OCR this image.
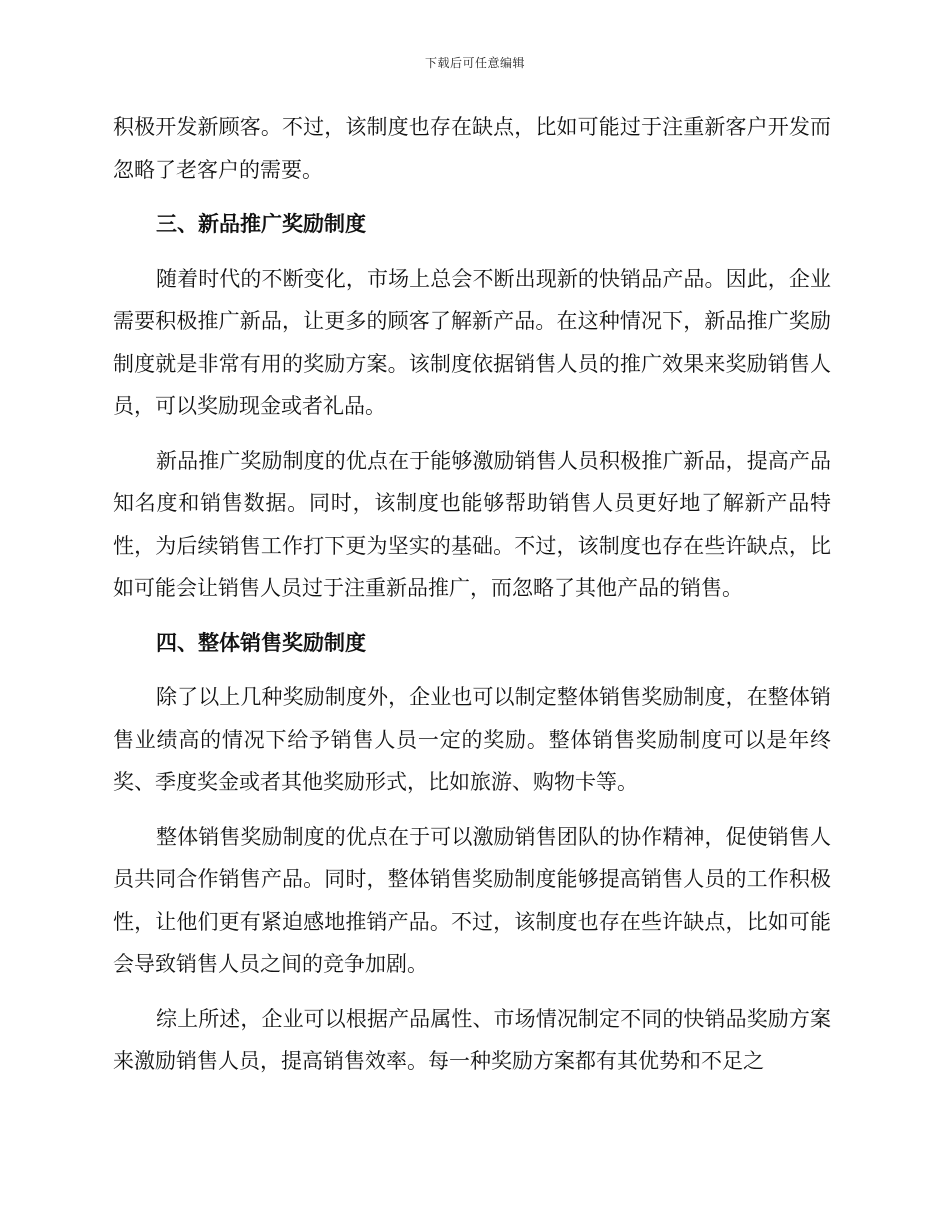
下载后可任意编辑

积极开发新顾客。不过，该制度也存在缺点，比如可能过于注重新客户开发而忽略了老客户的需要。

三、新品推广奖励制度

随着时代的不断变化，市场上总会不断出现新的快销品产品。因此，企业需要积极推广新品，让更多的顾客了解新产品。在这种情况下，新品推广奖励制度就是非常有用的奖励方案。该制度依据销售人员的推广效果来奖励销售人员，可以奖励现金或者礼品。

新品推广奖励制度的优点在于能够激励销售人员积极推广新品，提高产品知名度和销售数据。同时，该制度也能够帮助销售人员更好地了解新产品特性，为后续销售工作打下更为坚实的基础。不过，该制度也存在些许缺点，比如可能会让销售人员过于注重新品推广，而忽略了其他产品的销售。

四、整体销售奖励制度

除了以上几种奖励制度外，企业也可以制定整体销售奖励制度，在整体销售业绩高的情况下给予销售人员一定的奖励。整体销售奖励制度可以是年终奖、季度奖金或者其他奖励形式，比如旅游、购物卡等。

整体销售奖励制度的优点在于可以激励销售团队的协作精神，促使销售人员共同合作销售产品。同时，整体销售奖励制度能够提高销售人员的工作积极性，让他们更有紧迫感地推销产品。不过，该制度也存在些许缺点，比如可能会导致销售人员之间的竞争加剧。

综上所述，企业可以根据产品属性、市场情况制定不同的快销品奖励方案来激励销售人员，提高销售效率。每一种奖励方案都有其优势和不足之
